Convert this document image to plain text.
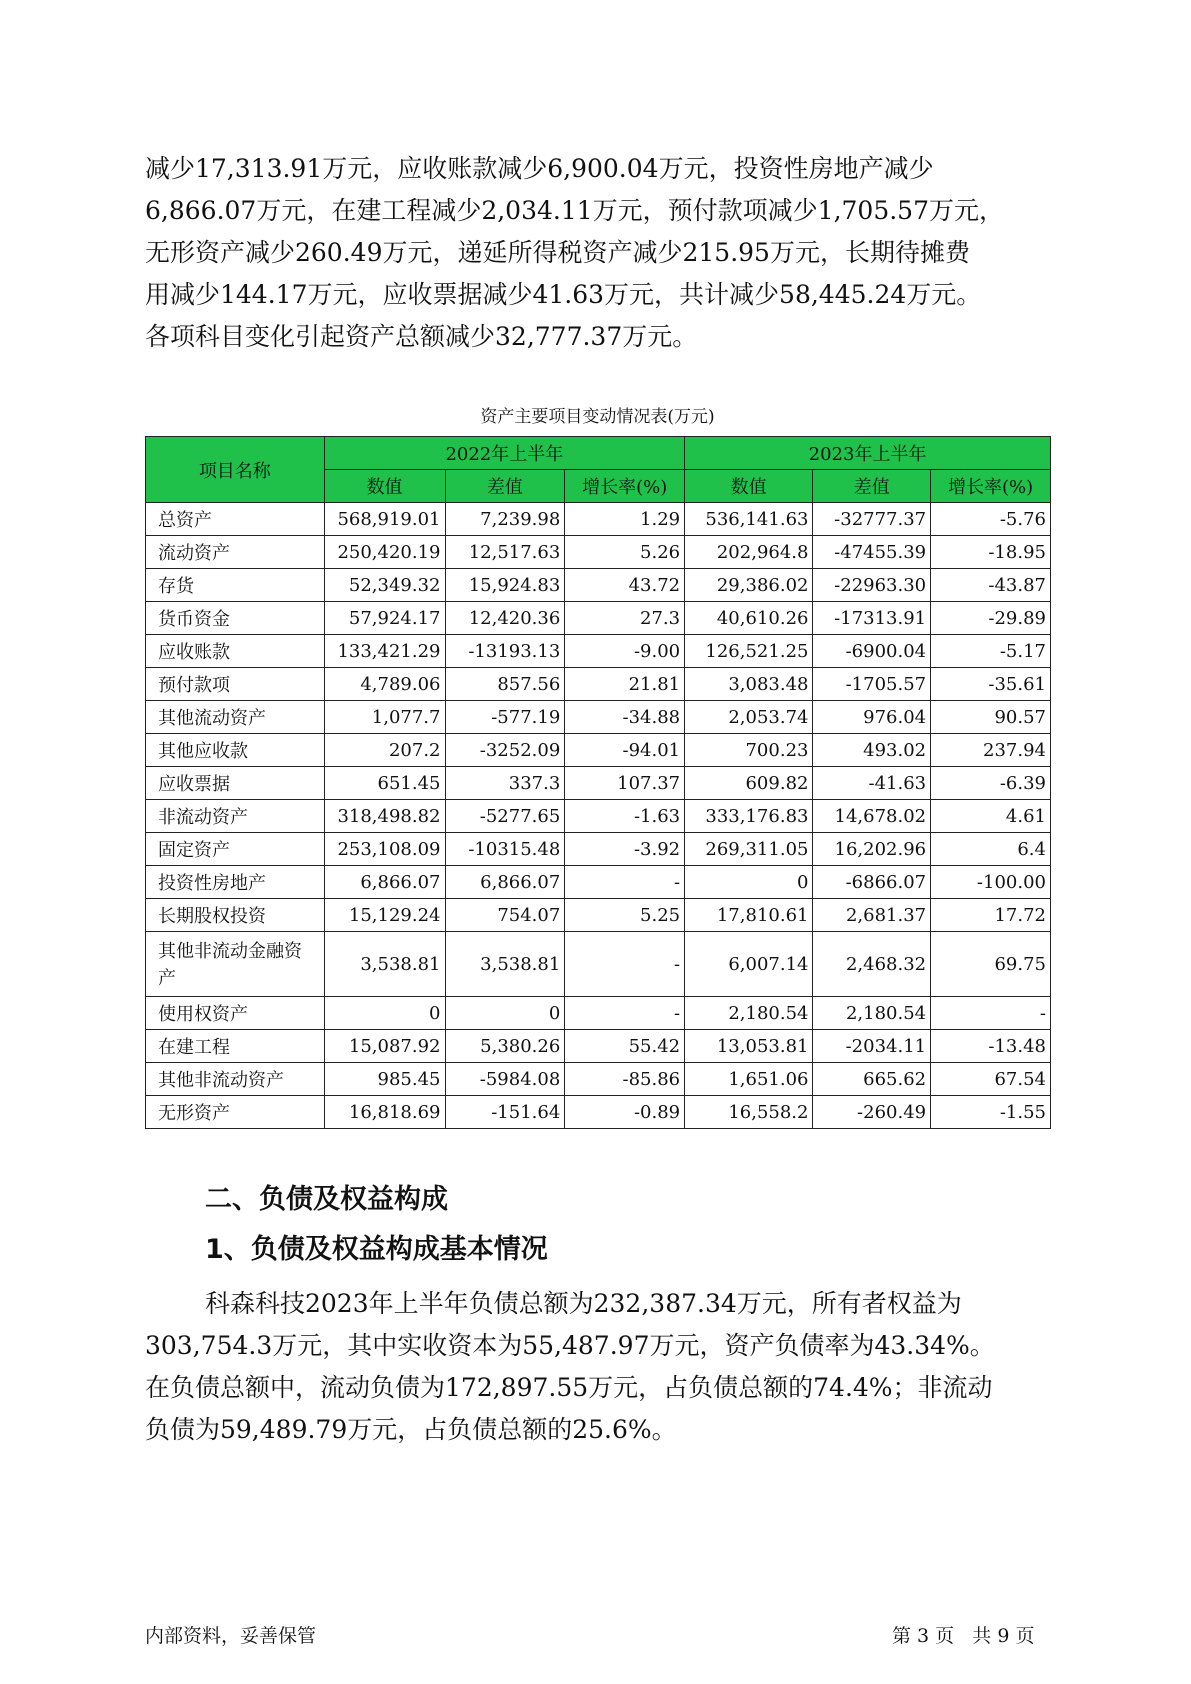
减少17,313.91万元，应收账款减少6,900.04万元，投资性房地产减少

6,866.07万元，在建工程减少2,034.11万元，预付款项减少1,705.57万元，

无形资产减少260.49万元，递延所得税资产减少215.95万元，长期待摊费

用减少144.17万元，应收票据减少41.63万元，共计减少58,445.24万元。

各项科目变化引起资产总额减少32,777.37万元。

资产主要项目变动情况表(万元)
项目名称	2022年上半年			2023年上半年		
	数值	差值	增长率(%)	数值	差值	增长率(%)
总资产	568,919.01	7,239.98	1.29	536,141.63	-32777.37	-5.76
流动资产	250,420.19	12,517.63	5.26	202,964.8	-47455.39	-18.95
存货	52,349.32	15,924.83	43.72	29,386.02	-22963.30	-43.87
货币资金	57,924.17	12,420.36	27.3	40,610.26	-17313.91	-29.89
应收账款	133,421.29	-13193.13	-9.00	126,521.25	-6900.04	-5.17
预付款项	4,789.06	857.56	21.81	3,083.48	-1705.57	-35.61
其他流动资产	1,077.7	-577.19	-34.88	2,053.74	976.04	90.57
其他应收款	207.2	-3252.09	-94.01	700.23	493.02	237.94
应收票据	651.45	337.3	107.37	609.82	-41.63	-6.39
非流动资产	318,498.82	-5277.65	-1.63	333,176.83	14,678.02	4.61
固定资产	253,108.09	-10315.48	-3.92	269,311.05	16,202.96	6.4
投资性房地产	6,866.07	6,866.07	-	0	-6866.07	-100.00
长期股权投资	15,129.24	754.07	5.25	17,810.61	2,681.37	17.72
其他非流动金融资产	3,538.81	3,538.81	-	6,007.14	2,468.32	69.75
使用权资产	0	0	-	2,180.54	2,180.54	-
在建工程	15,087.92	5,380.26	55.42	13,053.81	-2034.11	-13.48
其他非流动资产	985.45	-5984.08	-85.86	1,651.06	665.62	67.54
无形资产	16,818.69	-151.64	-0.89	16,558.2	-260.49	-1.55
二、负债及权益构成
1、负债及权益构成基本情况

科森科技2023年上半年负债总额为232,387.34万元，所有者权益为

303,754.3万元，其中实收资本为55,487.97万元，资产负债率为43.34%。

在负债总额中，流动负债为172,897.55万元，占负债总额的74.4%；非流动

负债为59,489.79万元，占负债总额的25.6%。

内部资料，妥善保管	第 3 页   共 9 页
